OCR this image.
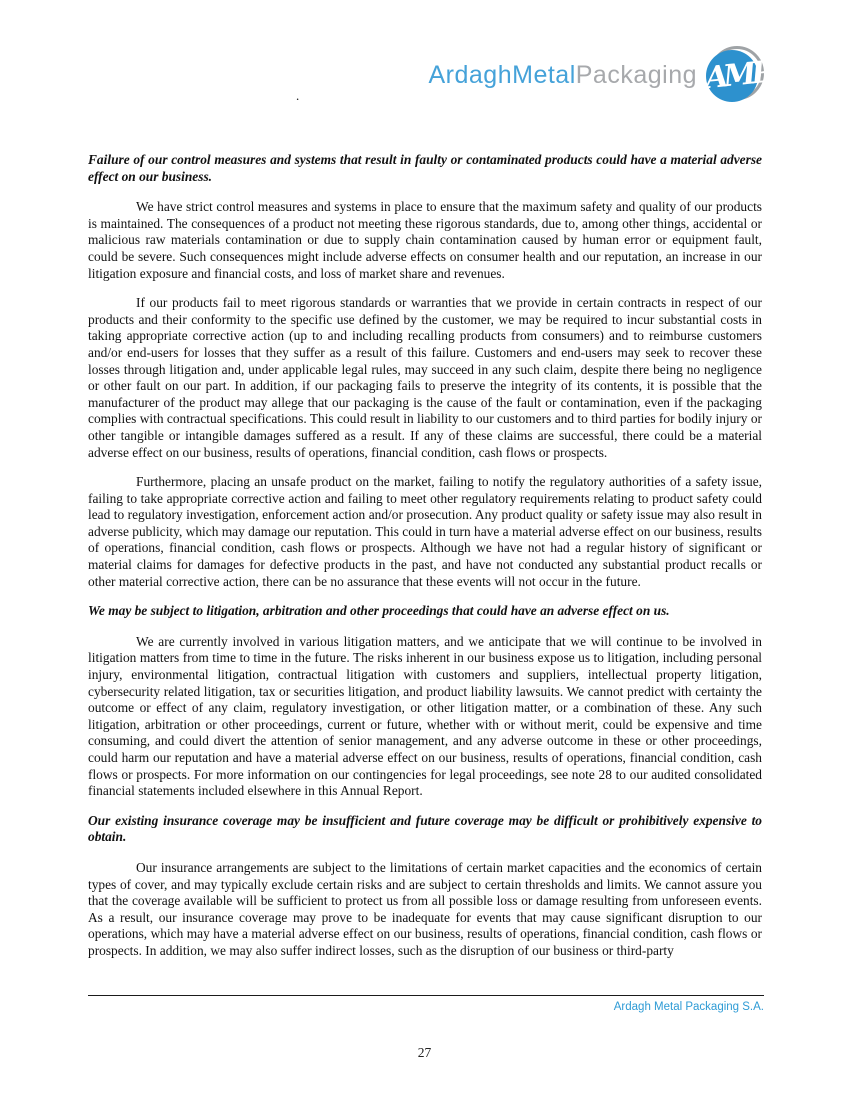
ArdaghMetalPackaging AMP
.
Failure of our control measures and systems that result in faulty or contaminated products could have a material adverse effect on our business.
We have strict control measures and systems in place to ensure that the maximum safety and quality of our products is maintained. The consequences of a product not meeting these rigorous standards, due to, among other things, accidental or malicious raw materials contamination or due to supply chain contamination caused by human error or equipment fault, could be severe. Such consequences might include adverse effects on consumer health and our reputation, an increase in our litigation exposure and financial costs, and loss of market share and revenues.
If our products fail to meet rigorous standards or warranties that we provide in certain contracts in respect of our products and their conformity to the specific use defined by the customer, we may be required to incur substantial costs in taking appropriate corrective action (up to and including recalling products from consumers) and to reimburse customers and/or end-users for losses that they suffer as a result of this failure. Customers and end-users may seek to recover these losses through litigation and, under applicable legal rules, may succeed in any such claim, despite there being no negligence or other fault on our part. In addition, if our packaging fails to preserve the integrity of its contents, it is possible that the manufacturer of the product may allege that our packaging is the cause of the fault or contamination, even if the packaging complies with contractual specifications. This could result in liability to our customers and to third parties for bodily injury or other tangible or intangible damages suffered as a result. If any of these claims are successful, there could be a material adverse effect on our business, results of operations, financial condition, cash flows or prospects.
Furthermore, placing an unsafe product on the market, failing to notify the regulatory authorities of a safety issue, failing to take appropriate corrective action and failing to meet other regulatory requirements relating to product safety could lead to regulatory investigation, enforcement action and/or prosecution. Any product quality or safety issue may also result in adverse publicity, which may damage our reputation. This could in turn have a material adverse effect on our business, results of operations, financial condition, cash flows or prospects. Although we have not had a regular history of significant or material claims for damages for defective products in the past, and have not conducted any substantial product recalls or other material corrective action, there can be no assurance that these events will not occur in the future.
We may be subject to litigation, arbitration and other proceedings that could have an adverse effect on us.
We are currently involved in various litigation matters, and we anticipate that we will continue to be involved in litigation matters from time to time in the future. The risks inherent in our business expose us to litigation, including personal injury, environmental litigation, contractual litigation with customers and suppliers, intellectual property litigation, cybersecurity related litigation, tax or securities litigation, and product liability lawsuits. We cannot predict with certainty the outcome or effect of any claim, regulatory investigation, or other litigation matter, or a combination of these. Any such litigation, arbitration or other proceedings, current or future, whether with or without merit, could be expensive and time consuming, and could divert the attention of senior management, and any adverse outcome in these or other proceedings, could harm our reputation and have a material adverse effect on our business, results of operations, financial condition, cash flows or prospects. For more information on our contingencies for legal proceedings, see note 28 to our audited consolidated financial statements included elsewhere in this Annual Report.
Our existing insurance coverage may be insufficient and future coverage may be difficult or prohibitively expensive to obtain.
Our insurance arrangements are subject to the limitations of certain market capacities and the economics of certain types of cover, and may typically exclude certain risks and are subject to certain thresholds and limits. We cannot assure you that the coverage available will be sufficient to protect us from all possible loss or damage resulting from unforeseen events. As a result, our insurance coverage may prove to be inadequate for events that may cause significant disruption to our operations, which may have a material adverse effect on our business, results of operations, financial condition, cash flows or prospects. In addition, we may also suffer indirect losses, such as the disruption of our business or third-party
Ardagh Metal Packaging S.A.
27
